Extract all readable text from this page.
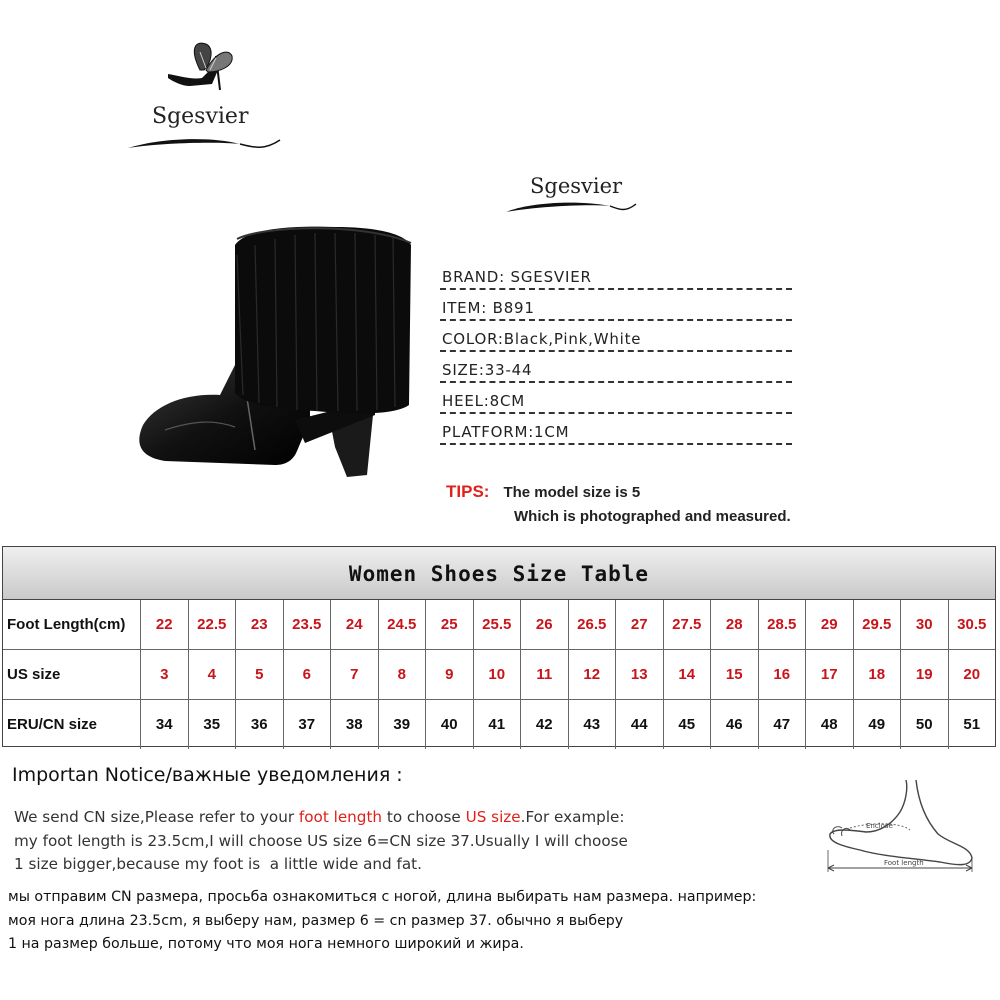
Sgesvier
Sgesvier
BRAND: SGESVIER
ITEM: B891
COLOR:Black,Pink,White
SIZE:33-44
HEEL:8CM
PLATFORM:1CM
TIPS: The model size is 5
Which is photographed and measured.
Women Shoes Size Table
Foot Length(cm)	22	22.5	23	23.5	24	24.5	25	25.5	26	26.5	27	27.5	28	28.5	29	29.5	30	30.5
US size	3	4	5	6	7	8	9	10	11	12	13	14	15	16	17	18	19	20
ERU/CN size	34	35	36	37	38	39	40	41	42	43	44	45	46	47	48	49	50	51
Importan Notice/важные уведомления :
We send CN size,Please refer to your foot length to choose US size.For example:
my foot length is 23.5cm,I will choose US size 6=CN size 37.Usually I will choose
1 size bigger,because my foot is  a little wide and fat.
мы отправим CN размера, просьба ознакомиться с ногой, длина выбирать нам размера. например:
моя нога длина 23.5cm, я выберу нам, размер 6 = cn размер 37. обычно я выберу
1 на размер больше, потому что моя нога немного широкий и жира.
Enclose
Foot length
